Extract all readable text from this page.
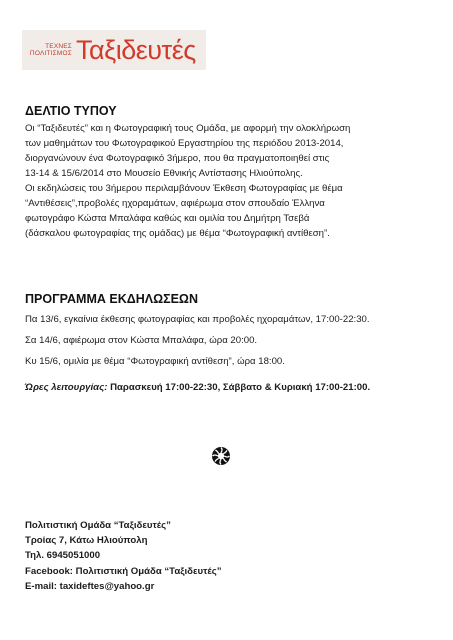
ΤΕΧΝΕΣ
ΠΟΛΙΤΙΣΜΟΣ Ταξιδευτές
ΔΕΛΤΙΟ ΤΥΠΟΥ

Οι “Ταξιδευτές” και η Φωτογραφική τους Ομάδα, με αφορμή την ολοκλήρωση

των μαθημάτων του Φωτογραφικού Εργαστηρίου της περιόδου 2013-2014,

διοργανώνουν ένα Φωτογραφικό 3ήμερο, που θα πραγματοποιηθεί στις

13-14 & 15/6/2014 στο Μουσείο Εθνικής Αντίστασης Ηλιούπολης.

Οι εκδηλώσεις του 3ήμερου περιλαμβάνουν Έκθεση Φωτογραφίας με θέμα

“Αντιθέσεις”,προβολές ηχοραμάτων, αφιέρωμα στον σπουδαίο Έλληνα

φωτογράφο Κώστα Μπαλάφα καθώς και ομιλία του Δημήτρη Τσεβά

(δάσκαλου φωτογραφίας της ομάδας) με θέμα “Φωτογραφική αντίθεση”.

ΠΡΟΓΡΑΜΜΑ ΕΚΔΗΛΩΣΕΩΝ

Πα 13/6, εγκαίνια έκθεσης φωτογραφίας και προβολές ηχοραμάτων, 17:00-22:30.

Σα 14/6, αφιέρωμα στον Κώστα Μπαλάφα, ώρα 20:00.

Κυ 15/6, ομιλία με θέμα “Φωτογραφική αντίθεση”, ώρα 18:00.

Ώρες λειτουργίας: Παρασκευή 17:00-22:30, Σάββατο & Κυριακή 17:00-21:00.

Πολιτιστική Ομάδα “Ταξιδευτές”

Τροίας 7, Κάτω Ηλιούπολη

Τηλ. 6945051000

Facebook: Πολιτιστική Ομάδα “Ταξιδευτές”

E-mail: taxideftes@yahoo.gr
